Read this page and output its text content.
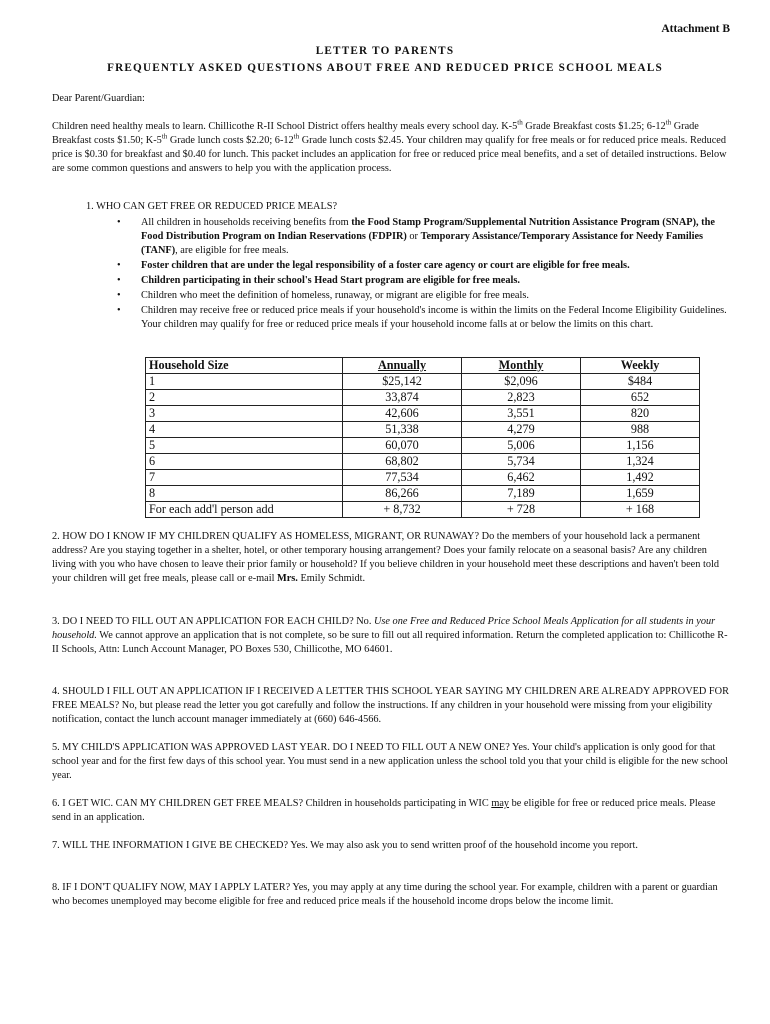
Attachment B
LETTER TO PARENTS
FREQUENTLY ASKED QUESTIONS ABOUT FREE AND REDUCED PRICE SCHOOL MEALS

Dear Parent/Guardian:

Children need healthy meals to learn. Chillicothe R-II School District offers healthy meals every school day. K-5th Grade Breakfast costs $1.25; 6-12th Grade Breakfast costs $1.50; K-5th Grade lunch costs $2.20; 6-12th Grade lunch costs $2.45. Your children may qualify for free meals or for reduced price meals. Reduced price is $0.30 for breakfast and $0.40 for lunch. This packet includes an application for free or reduced price meal benefits, and a set of detailed instructions. Below are some common questions and answers to help you with the application process.

1. WHO CAN GET FREE OR REDUCED PRICE MEALS?

• All children in households receiving benefits from the Food Stamp Program/Supplemental Nutrition Assistance Program (SNAP), the Food Distribution Program on Indian Reservations (FDPIR) or Temporary Assistance/Temporary Assistance for Needy Families (TANF), are eligible for free meals.
• Foster children that are under the legal responsibility of a foster care agency or court are eligible for free meals.
• Children participating in their school's Head Start program are eligible for free meals.
• Children who meet the definition of homeless, runaway, or migrant are eligible for free meals.
• Children may receive free or reduced price meals if your household's income is within the limits on the Federal Income Eligibility Guidelines. Your children may qualify for free or reduced price meals if your household income falls at or below the limits on this chart.
Household Size	Annually	Monthly	Weekly
1	$25,142	$2,096	$484
2	33,874	2,823	652
3	42,606	3,551	820
4	51,338	4,279	988
5	60,070	5,006	1,156
6	68,802	5,734	1,324
7	77,534	6,462	1,492
8	86,266	7,189	1,659
For each add'l person add	+ 8,732	+ 728	+ 168

2. HOW DO I KNOW IF MY CHILDREN QUALIFY AS HOMELESS, MIGRANT, OR RUNAWAY? Do the members of your household lack a permanent address? Are you staying together in a shelter, hotel, or other temporary housing arrangement? Does your family relocate on a seasonal basis? Are any children living with you who have chosen to leave their prior family or household? If you believe children in your household meet these descriptions and haven't been told your children will get free meals, please call or e-mail Mrs. Emily Schmidt.

3. DO I NEED TO FILL OUT AN APPLICATION FOR EACH CHILD? No. Use one Free and Reduced Price School Meals Application for all students in your household. We cannot approve an application that is not complete, so be sure to fill out all required information. Return the completed application to: Chillicothe R-II Schools, Attn: Lunch Account Manager, PO Boxes 530, Chillicothe, MO 64601.

4. SHOULD I FILL OUT AN APPLICATION IF I RECEIVED A LETTER THIS SCHOOL YEAR SAYING MY CHILDREN ARE ALREADY APPROVED FOR FREE MEALS? No, but please read the letter you got carefully and follow the instructions. If any children in your household were missing from your eligibility notification, contact the lunch account manager immediately at (660) 646-4566.

5. MY CHILD'S APPLICATION WAS APPROVED LAST YEAR. DO I NEED TO FILL OUT A NEW ONE? Yes. Your child's application is only good for that school year and for the first few days of this school year. You must send in a new application unless the school told you that your child is eligible for the new school year.

6. I GET WIC. CAN MY CHILDREN GET FREE MEALS? Children in households participating in WIC may be eligible for free or reduced price meals. Please send in an application.

7. WILL THE INFORMATION I GIVE BE CHECKED? Yes. We may also ask you to send written proof of the household income you report.

8. IF I DON'T QUALIFY NOW, MAY I APPLY LATER? Yes, you may apply at any time during the school year. For example, children with a parent or guardian who becomes unemployed may become eligible for free and reduced price meals if the household income drops below the income limit.
